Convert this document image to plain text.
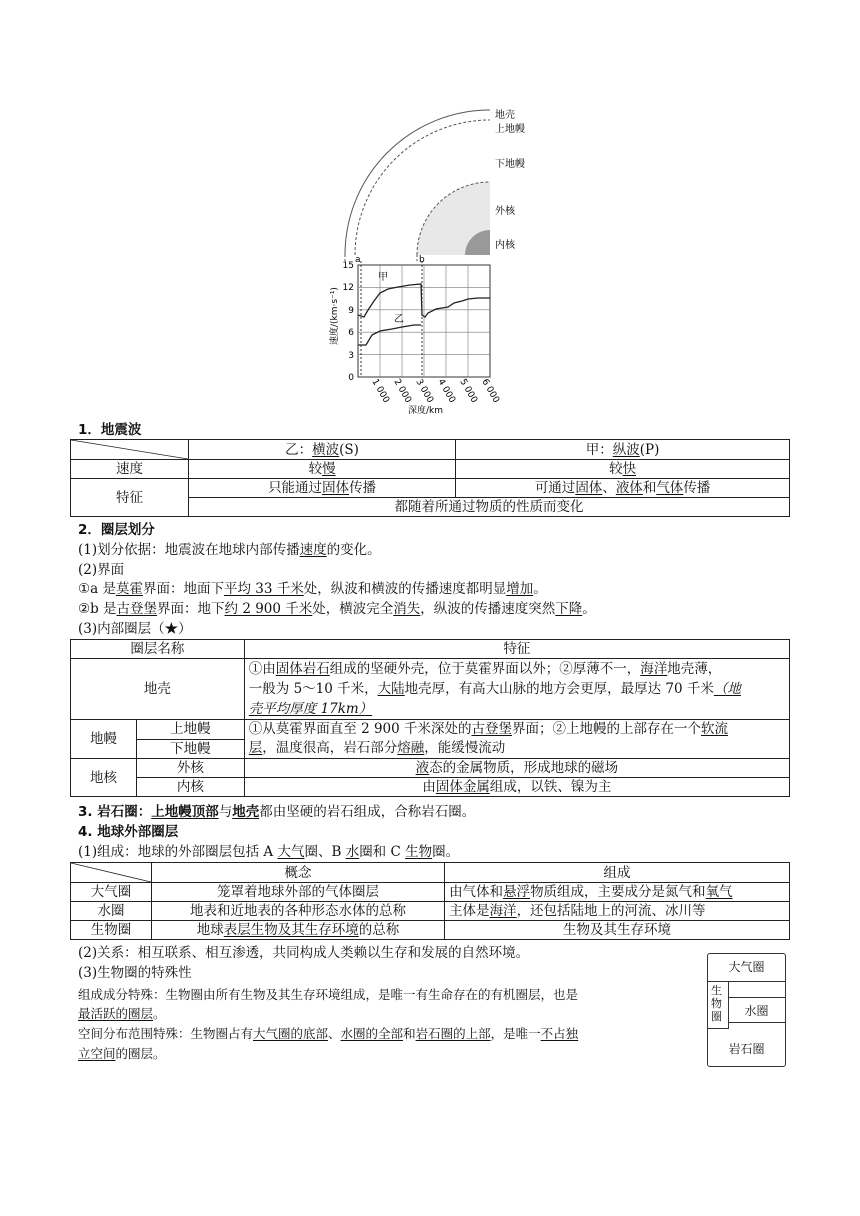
地壳
上地幔
下地幔
外核
内核
a	b
甲
乙
15
12
9
6
3
0 1 000 2 000 3 000 4 000 5 000 6 000
速度/(km·s⁻¹)
深度/km
1．地震波
	乙：横波(S)	甲：纵波(P)
速度	较慢	较快
特征	只能通过固体传播	可通过固体、液体和气体传播
	都随着所通过物质的性质而变化	
2．圈层划分
(1)划分依据：地震波在地球内部传播速度的变化。
(2)界面
①a 是莫霍界面：地面下平均 33 千米处，纵波和横波的传播速度都明显增加。
②b 是古登堡界面：地下约 2 900 千米处，横波完全消失，纵波的传播速度突然下降。
(3)内部圈层（★）
圈层名称		特征
地壳		①由固体岩石组成的坚硬外壳，位于莫霍界面以外；②厚薄不一，海洋地壳薄，
一般为 5～10 千米，大陆地壳厚，有高大山脉的地方会更厚，最厚达 70 千米（地
壳平均厚度 17km）
地幔	上地幔	①从莫霍界面直至 2 900 千米深处的古登堡界面；②上地幔的上部存在一个软流
层，温度很高，岩石部分熔融，能缓慢流动
	下地幔	
地核	外核	液态的金属物质，形成地球的磁场
	内核	由固体金属组成，以铁、镍为主
3. 岩石圈：上地幔顶部与地壳都由坚硬的岩石组成，合称岩石圈。
4. 地球外部圈层
(1)组成：地球的外部圈层包括 A 大气圈、B 水圈和 C 生物圈。
	概念	组成
大气圈	笼罩着地球外部的气体圈层	由气体和悬浮物质组成，主要成分是氮气和氧气
水圈	地表和近地表的各种形态水体的总称	主体是海洋，还包括陆地上的河流、冰川等
生物圈	地球表层生物及其生存环境的总称	生物及其生存环境
(2)关系：相互联系、相互渗透，共同构成人类赖以生存和发展的自然环境。
(3)生物圈的特殊性
组成成分特殊：生物圈由所有生物及其生存环境组成，是唯一有生命存在的有机圈层，也是
最活跃的圈层。
空间分布范围特殊：生物圈占有大气圈的底部、水圈的全部和岩石圈的上部，是唯一不占独
立空间的圈层。
大气圈
生物圈	水圈
岩石圈
